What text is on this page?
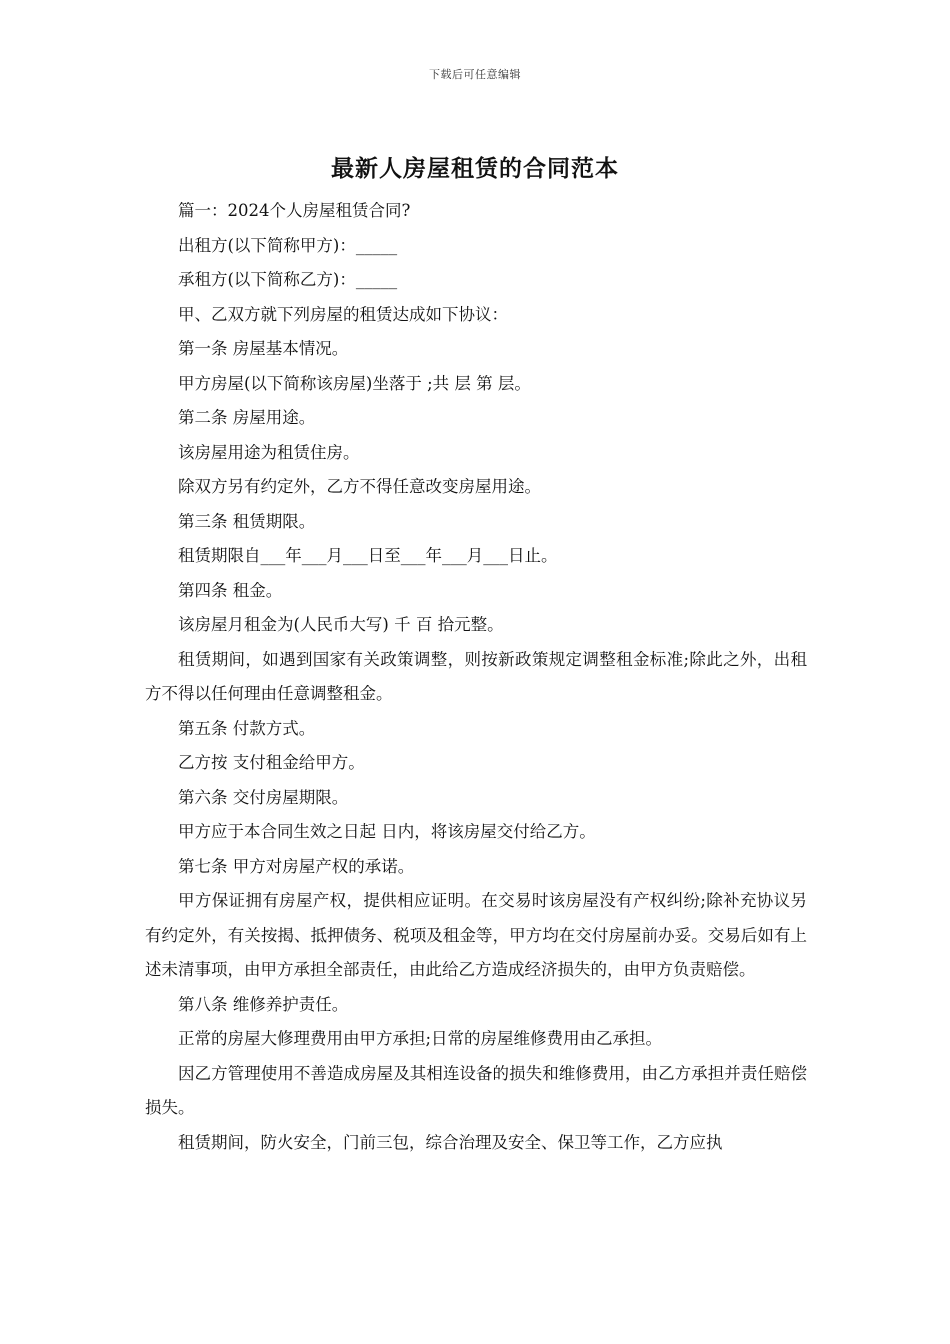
下载后可任意编辑
最新人房屋租赁的合同范本

篇一：2024个人房屋租赁合同?

出租方(以下简称甲方)：_____

承租方(以下简称乙方)：_____

甲、乙双方就下列房屋的租赁达成如下协议：

第一条 房屋基本情况。

甲方房屋(以下简称该房屋)坐落于 ;共 层 第 层。

第二条 房屋用途。

该房屋用途为租赁住房。

除双方另有约定外，乙方不得任意改变房屋用途。

第三条 租赁期限。

租赁期限自___年___月___日至___年___月___日止。

第四条 租金。

该房屋月租金为(人民币大写) 千 百 拾元整。

租赁期间，如遇到国家有关政策调整，则按新政策规定调整租金标准;除此之外，出租方不得以任何理由任意调整租金。

第五条 付款方式。

乙方按 支付租金给甲方。

第六条 交付房屋期限。

甲方应于本合同生效之日起 日内，将该房屋交付给乙方。

第七条 甲方对房屋产权的承诺。

甲方保证拥有房屋产权，提供相应证明。在交易时该房屋没有产权纠纷;除补充协议另有约定外，有关按揭、抵押债务、税项及租金等，甲方均在交付房屋前办妥。交易后如有上述未清事项，由甲方承担全部责任，由此给乙方造成经济损失的，由甲方负责赔偿。

第八条 维修养护责任。

正常的房屋大修理费用由甲方承担;日常的房屋维修费用由乙承担。

因乙方管理使用不善造成房屋及其相连设备的损失和维修费用，由乙方承担并责任赔偿损失。

租赁期间，防火安全，门前三包，综合治理及安全、保卫等工作，乙方应执
